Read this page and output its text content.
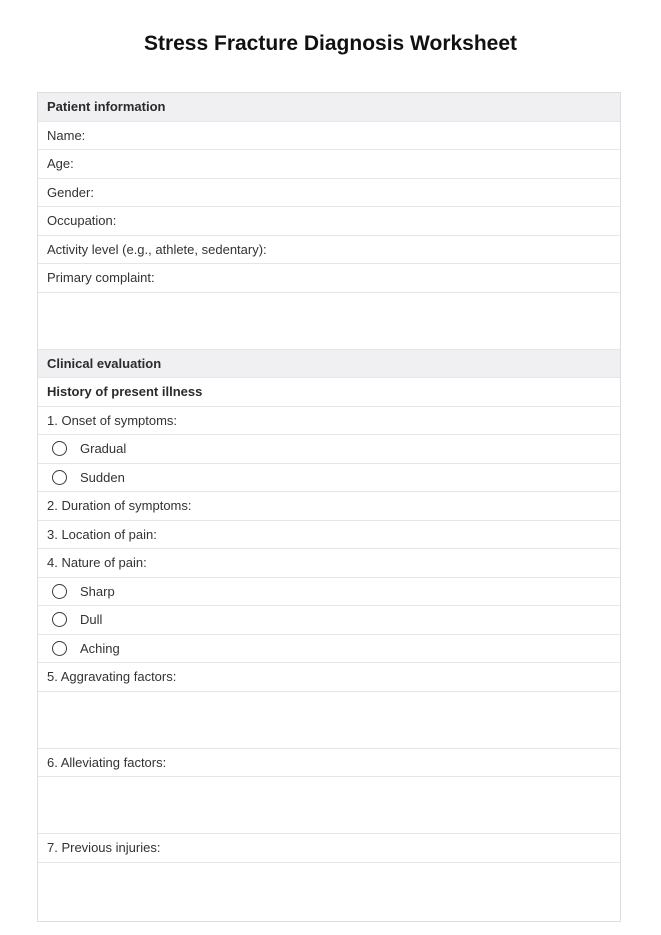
Stress Fracture Diagnosis Worksheet
Patient information
Name:
Age:
Gender:
Occupation:
Activity level (e.g., athlete, sedentary):
Primary complaint:
Clinical evaluation
History of present illness
1. Onset of symptoms:
Gradual
Sudden
2. Duration of symptoms:
3. Location of pain:
4. Nature of pain:
Sharp
Dull
Aching
5. Aggravating factors:
6. Alleviating factors:
7. Previous injuries:
